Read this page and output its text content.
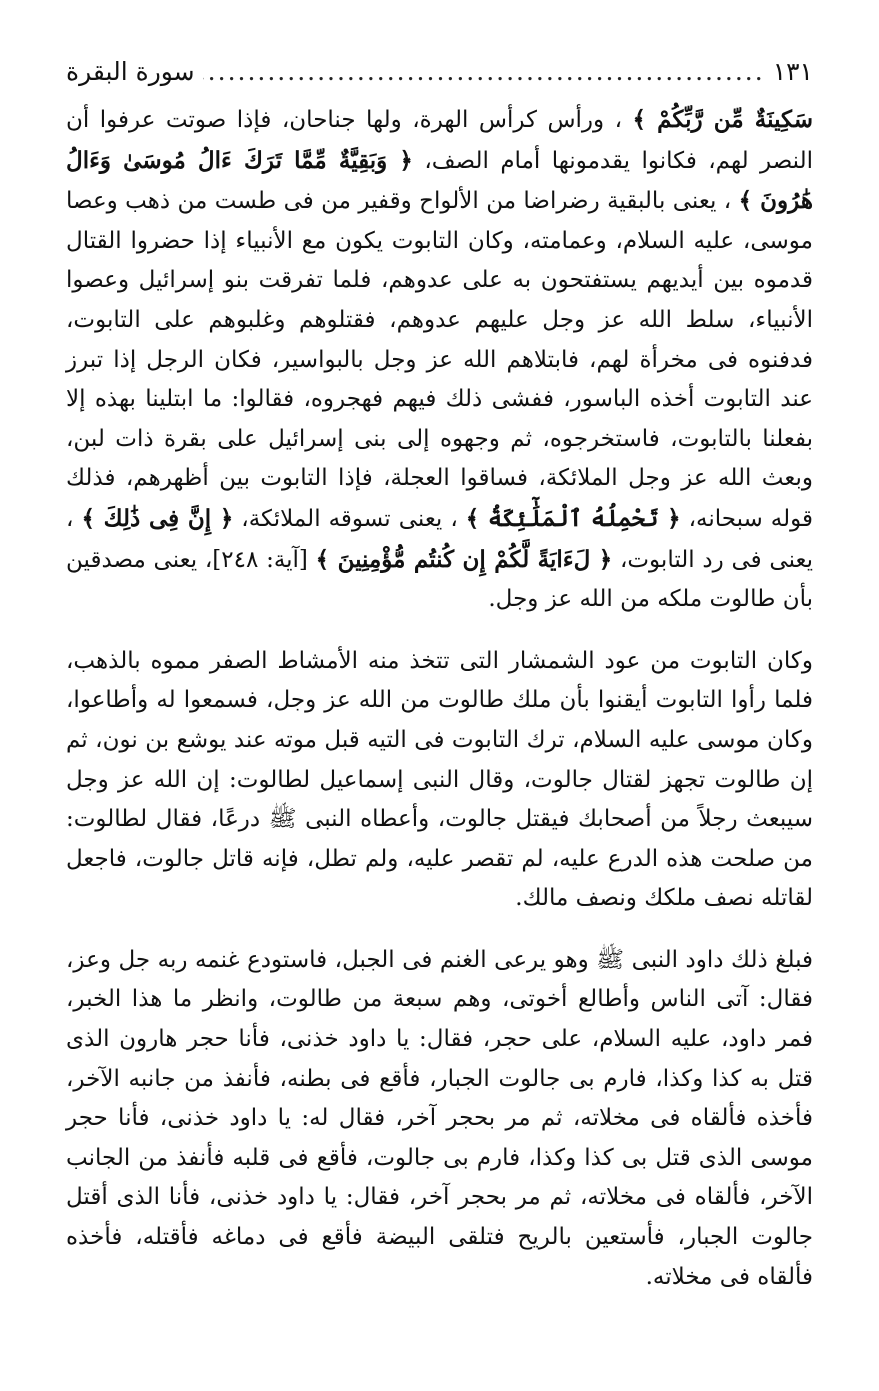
سورة البقرة
.....	١٣١

سَكِينَةٌ مِّن رَّبِّكُمْ ﴾ ، ورأس كرأس الهرة، ولها جناحان، فإذا صوتت عرفوا أن النصر لهم، فكانوا يقدمونها أمام الصف، ﴿ وَبَقِيَّةٌ مِّمَّا تَرَكَ ءَالُ مُوسَىٰ وَءَالُ هَٰرُونَ ﴾ ، يعنى بالبقية رضراضا من الألواح وقفير من فى طست من ذهب وعصا موسى، عليه السلام، وعمامته، وكان التابوت يكون مع الأنبياء إذا حضروا القتال قدموه بين أيديهم يستفتحون به على عدوهم، فلما تفرقت بنو إسرائيل وعصوا الأنبياء، سلط الله عز وجل عليهم عدوهم، فقتلوهم وغلبوهم على التابوت، فدفنوه فى مخرأة لهم، فابتلاهم الله عز وجل بالبواسير، فكان الرجل إذا تبرز عند التابوت أخذه الباسور، ففشى ذلك فيهم فهجروه، فقالوا: ما ابتلينا بهذه إلا بفعلنا بالتابوت، فاستخرجوه، ثم وجهوه إلى بنى إسرائيل على بقرة ذات لبن، وبعث الله عز وجل الملائكة، فساقوا العجلة، فإذا التابوت بين أظهرهم، فذلك قوله سبحانه، ﴿ تَحْمِلُهُ ٱلْمَلَٰٓئِكَةُ ﴾ ، يعنى تسوقه الملائكة، ﴿ إِنَّ فِى ذَٰلِكَ ﴾ ، يعنى فى رد التابوت، ﴿ لَءَايَةً لَّكُمْ إِن كُنتُم مُّؤْمِنِينَ ﴾ [آية: ٢٤٨]، يعنى مصدقين بأن طالوت ملكه من الله عز وجل.

وكان التابوت من عود الشمشار التى تتخذ منه الأمشاط الصفر مموه بالذهب، فلما رأوا التابوت أيقنوا بأن ملك طالوت من الله عز وجل، فسمعوا له وأطاعوا، وكان موسى عليه السلام، ترك التابوت فى التيه قبل موته عند يوشع بن نون، ثم إن طالوت تجهز لقتال جالوت، وقال النبى إسماعيل لطالوت: إن الله عز وجل سيبعث رجلاً من أصحابك فيقتل جالوت، وأعطاه النبى ﷺ درعًا، فقال لطالوت: من صلحت هذه الدرع عليه، لم تقصر عليه، ولم تطل، فإنه قاتل جالوت، فاجعل لقاتله نصف ملكك ونصف مالك.

فبلغ ذلك داود النبى ﷺ وهو يرعى الغنم فى الجبل، فاستودع غنمه ربه جل وعز، فقال: آتى الناس وأطالع أخوتى، وهم سبعة من طالوت، وانظر ما هذا الخبر، فمر داود، عليه السلام، على حجر، فقال: يا داود خذنى، فأنا حجر هارون الذى قتل به كذا وكذا، فارم بى جالوت الجبار، فأقع فى بطنه، فأنفذ من جانبه الآخر، فأخذه فألقاه فى مخلاته، ثم مر بحجر آخر، فقال له: يا داود خذنى، فأنا حجر موسى الذى قتل بى كذا وكذا، فارم بى جالوت، فأقع فى قلبه فأنفذ من الجانب الآخر، فألقاه فى مخلاته، ثم مر بحجر آخر، فقال: يا داود خذنى، فأنا الذى أقتل جالوت الجبار، فأستعين بالريح فتلقى البيضة فأقع فى دماغه فأقتله، فأخذه فألقاه فى مخلاته.
